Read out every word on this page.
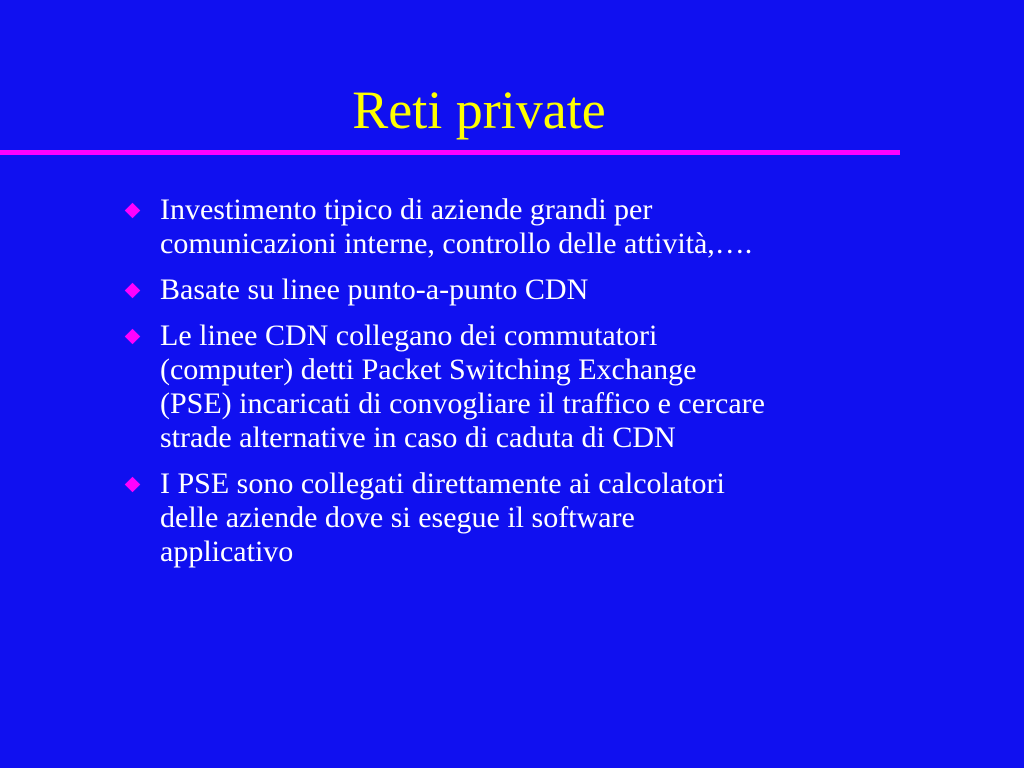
Reti private
Investimento tipico di aziende grandi per
comunicazioni interne, controllo delle attività,….
Basate su linee punto-a-punto CDN
Le linee CDN collegano dei commutatori
(computer) detti Packet Switching Exchange
(PSE) incaricati di convogliare il traffico e cercare
strade alternative in caso di caduta di CDN
I PSE sono collegati direttamente ai calcolatori
delle aziende dove si esegue il software
applicativo
